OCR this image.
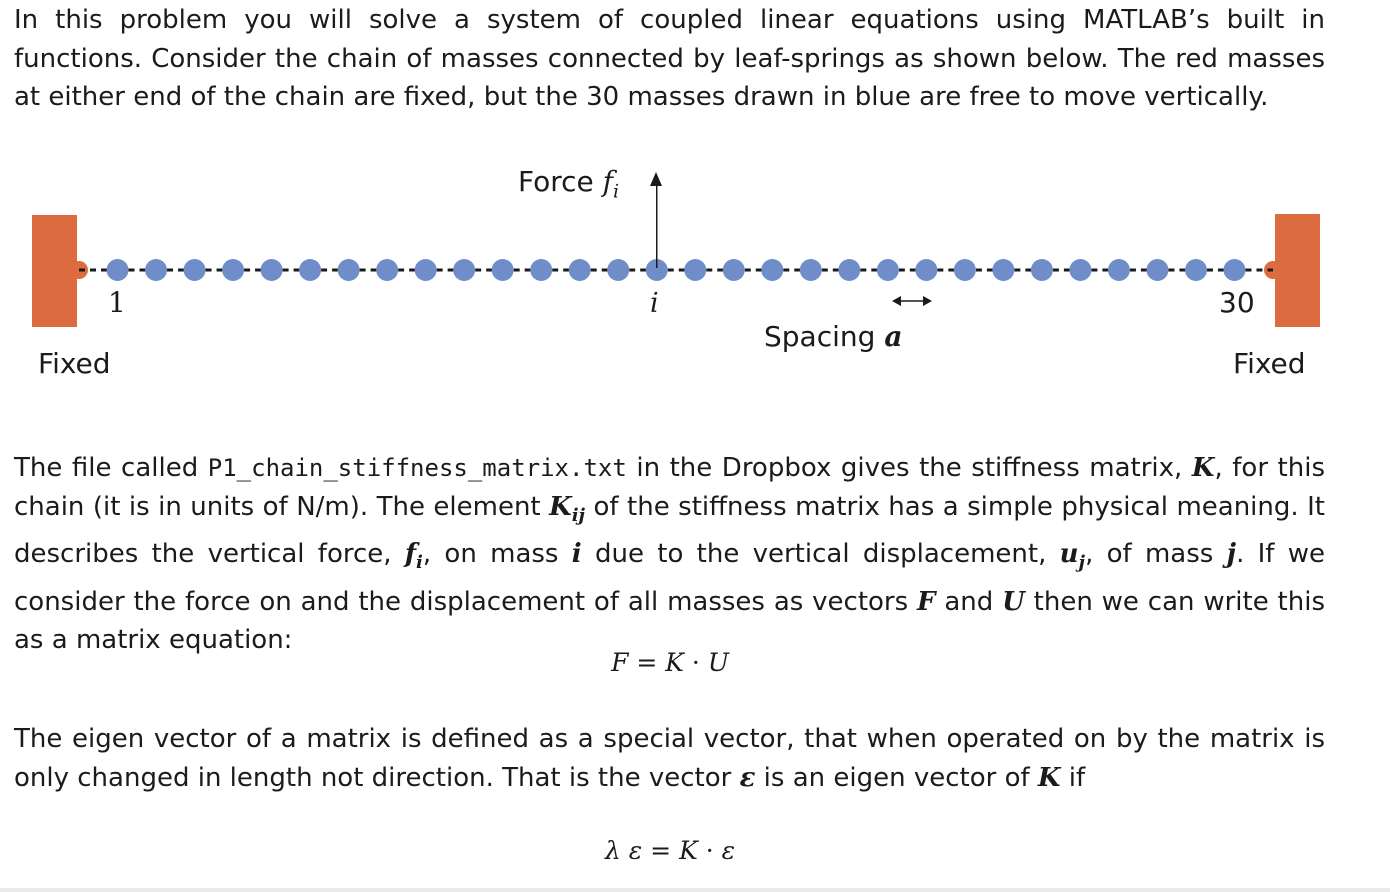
In this problem you will solve a system of coupled linear equations using MATLAB’s built in functions. Consider the chain of masses connected by leaf-springs as shown below. The red masses at either end of the chain are fixed, but the 30 masses drawn in blue are free to move vertically.

Force $f_i$
i
1	30
Spacing a
Fixed	Fixed

The file called P1_chain_stiffness_matrix.txt in the Dropbox gives the stiffness matrix, K, for this chain (it is in units of N/m). The element $K_{ij}$ of the stiffness matrix has a simple physical meaning. It describes the vertical force, $f_i$, on mass i due to the vertical displacement, $u_j$, of mass j. If we consider the force on and the displacement of all masses as vectors F and U then we can write this as a matrix equation:

F = K · U

The eigen vector of a matrix is defined as a special vector, that when operated on by the matrix is only changed in length not direction. That is the vector ε is an eigen vector of K if

λ ε = K · ε
